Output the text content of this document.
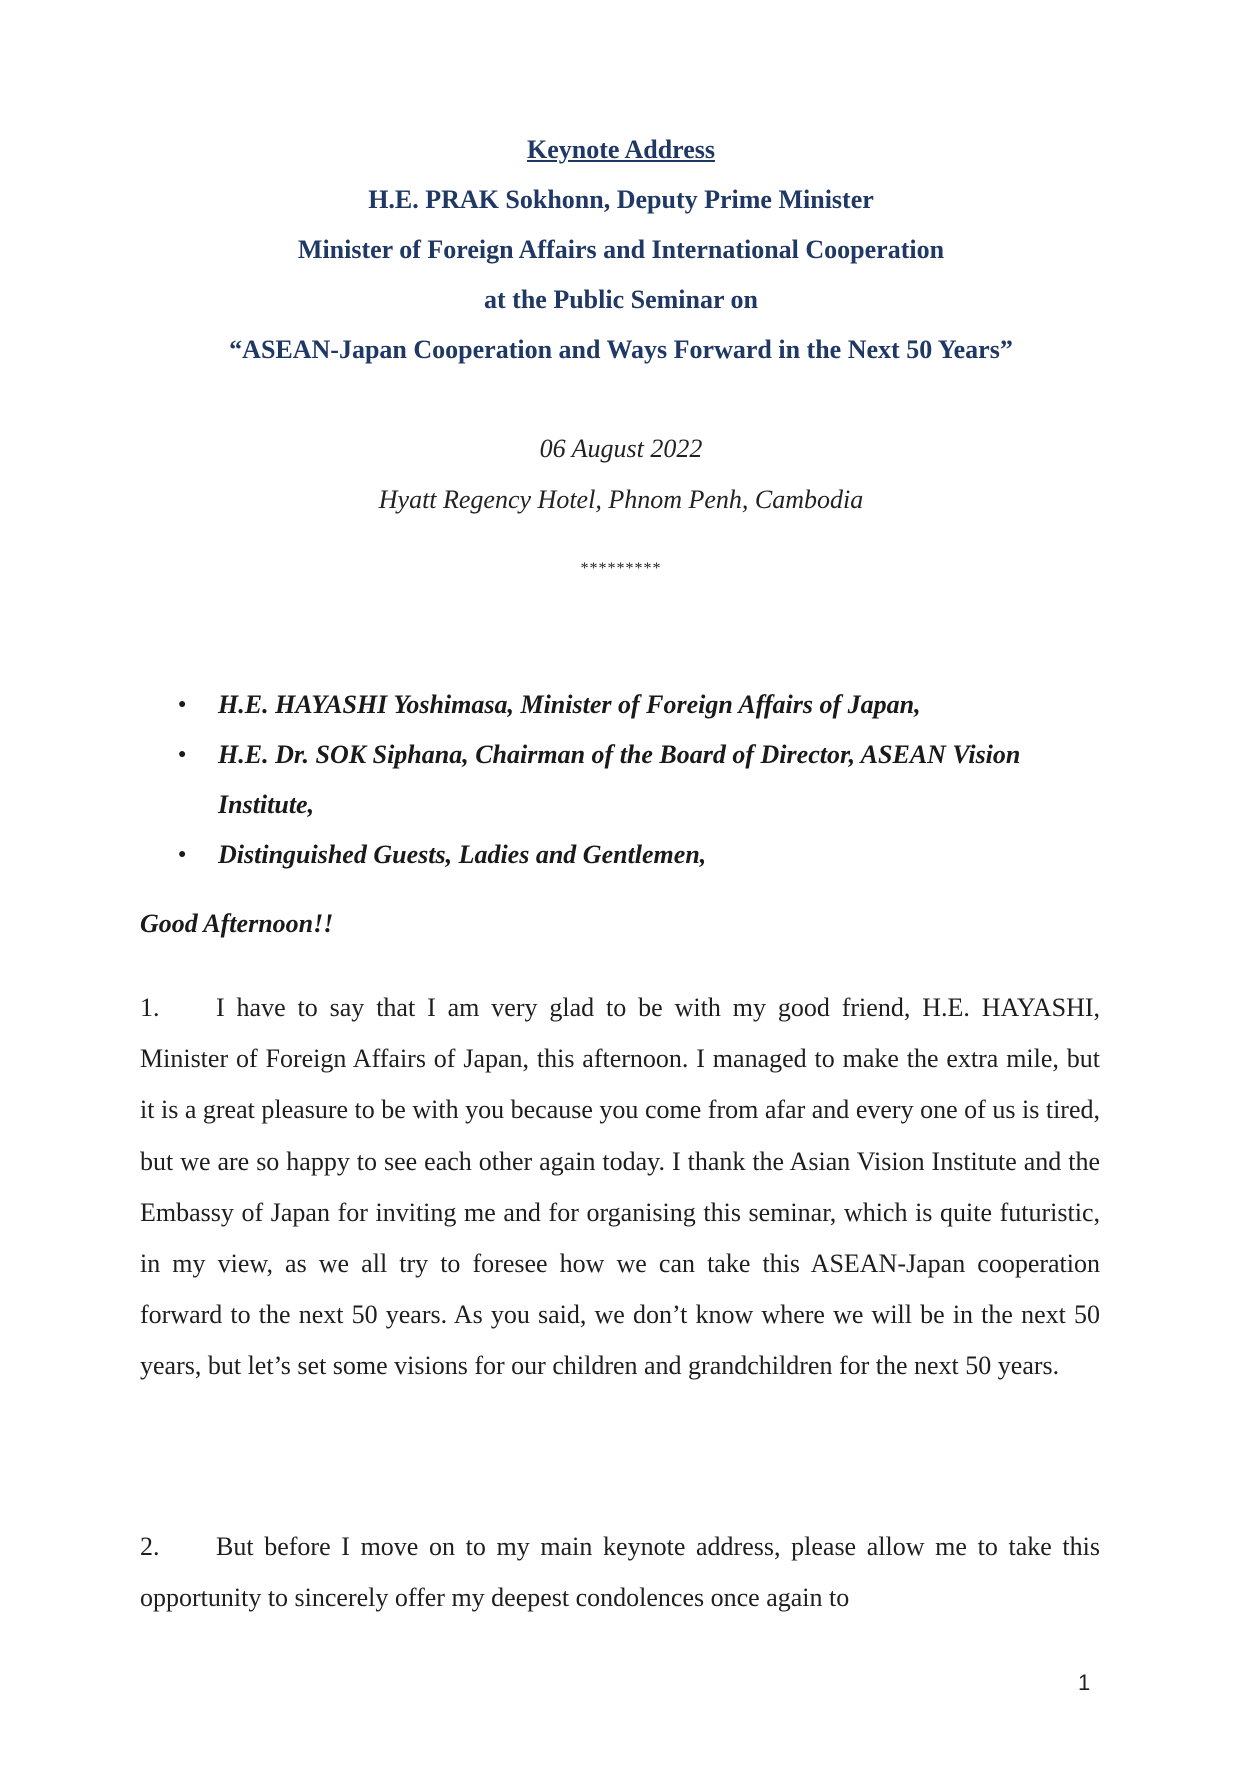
Keynote Address
H.E. PRAK Sokhonn, Deputy Prime Minister
Minister of Foreign Affairs and International Cooperation
at the Public Seminar on
“ASEAN-Japan Cooperation and Ways Forward in the Next 50 Years”
06 August 2022
Hyatt Regency Hotel, Phnom Penh, Cambodia
*********
● H.E. HAYASHI Yoshimasa, Minister of Foreign Affairs of Japan,
● H.E. Dr. SOK Siphana, Chairman of the Board of Director, ASEAN Vision Institute,
● Distinguished Guests, Ladies and Gentlemen,
Good Afternoon!!
1. I have to say that I am very glad to be with my good friend, H.E. HAYASHI, Minister of Foreign Affairs of Japan, this afternoon. I managed to make the extra mile, but it is a great pleasure to be with you because you come from afar and every one of us is tired, but we are so happy to see each other again today. I thank the Asian Vision Institute and the Embassy of Japan for inviting me and for organising this seminar, which is quite futuristic, in my view, as we all try to foresee how we can take this ASEAN-Japan cooperation forward to the next 50 years. As you said, we don’t know where we will be in the next 50 years, but let’s set some visions for our children and grandchildren for the next 50 years.
2. But before I move on to my main keynote address, please allow me to take this opportunity to sincerely offer my deepest condolences once again to
1
